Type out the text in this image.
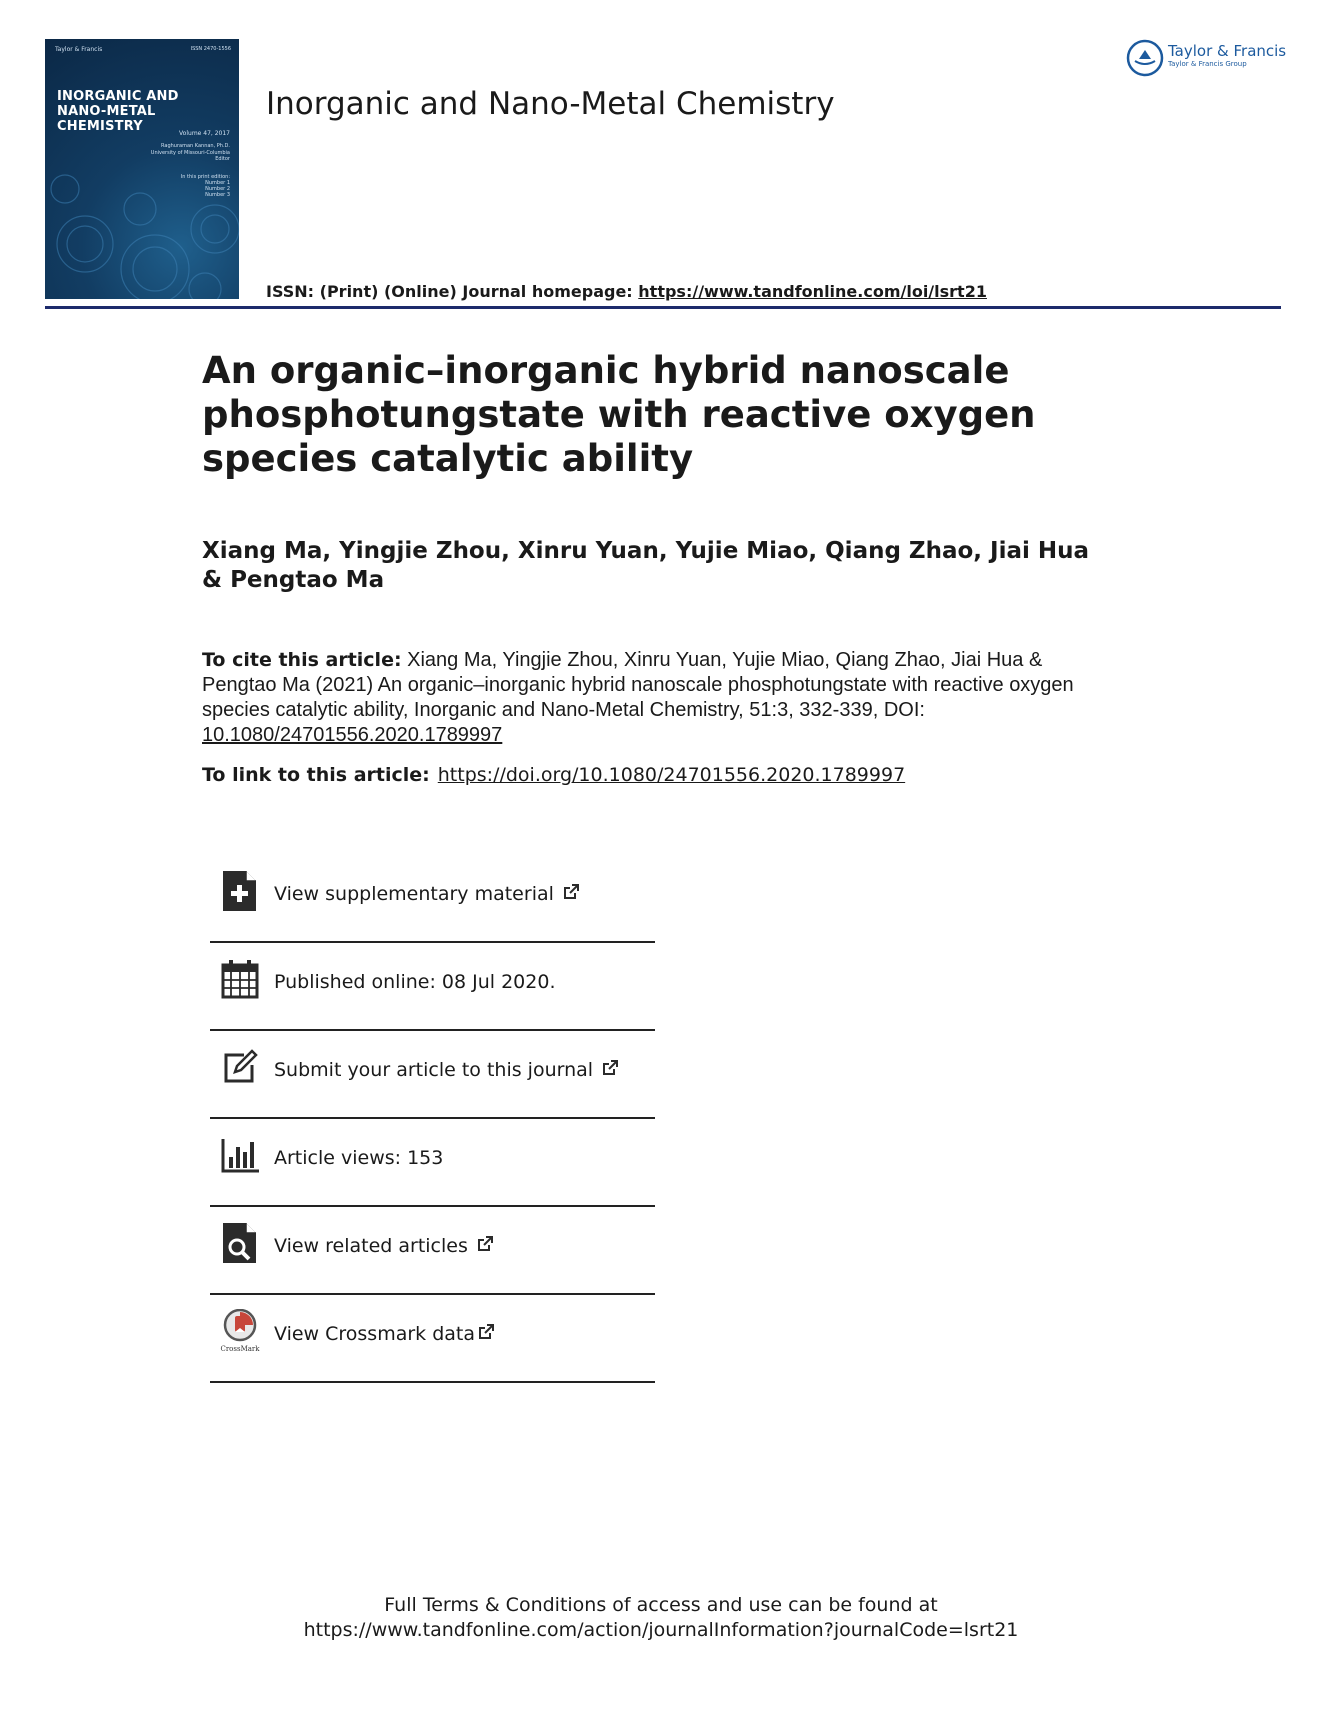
Taylor & Francis	ISSN 2470-1556
INORGANIC AND
NANO-METAL CHEMISTRY	Volume 47, 2017
Raghuraman Kannan, Ph.D.
University of Missouri-Columbia
Editor
In this print edition:
Number 1
Number 2
Number 3
Inorganic and Nano-Metal Chemistry
Taylor & Francis
Taylor & Francis Group
ISSN: (Print) (Online) Journal homepage: https://www.tandfonline.com/loi/lsrt21
An organic–inorganic hybrid nanoscale phosphotungstate with reactive oxygen species catalytic ability
Xiang Ma, Yingjie Zhou, Xinru Yuan, Yujie Miao, Qiang Zhao, Jiai Hua & Pengtao Ma
To cite this article: Xiang Ma, Yingjie Zhou, Xinru Yuan, Yujie Miao, Qiang Zhao, Jiai Hua & Pengtao Ma (2021) An organic–inorganic hybrid nanoscale phosphotungstate with reactive oxygen species catalytic ability, Inorganic and Nano-Metal Chemistry, 51:3, 332-339, DOI: 10.1080/24701556.2020.1789997
To link to this article: https://doi.org/10.1080/24701556.2020.1789997
View supplementary material
Published online: 08 Jul 2020.
Submit your article to this journal
Article views: 153
View related articles
CrossMark
View Crossmark data
Full Terms & Conditions of access and use can be found at
https://www.tandfonline.com/action/journalInformation?journalCode=lsrt21
